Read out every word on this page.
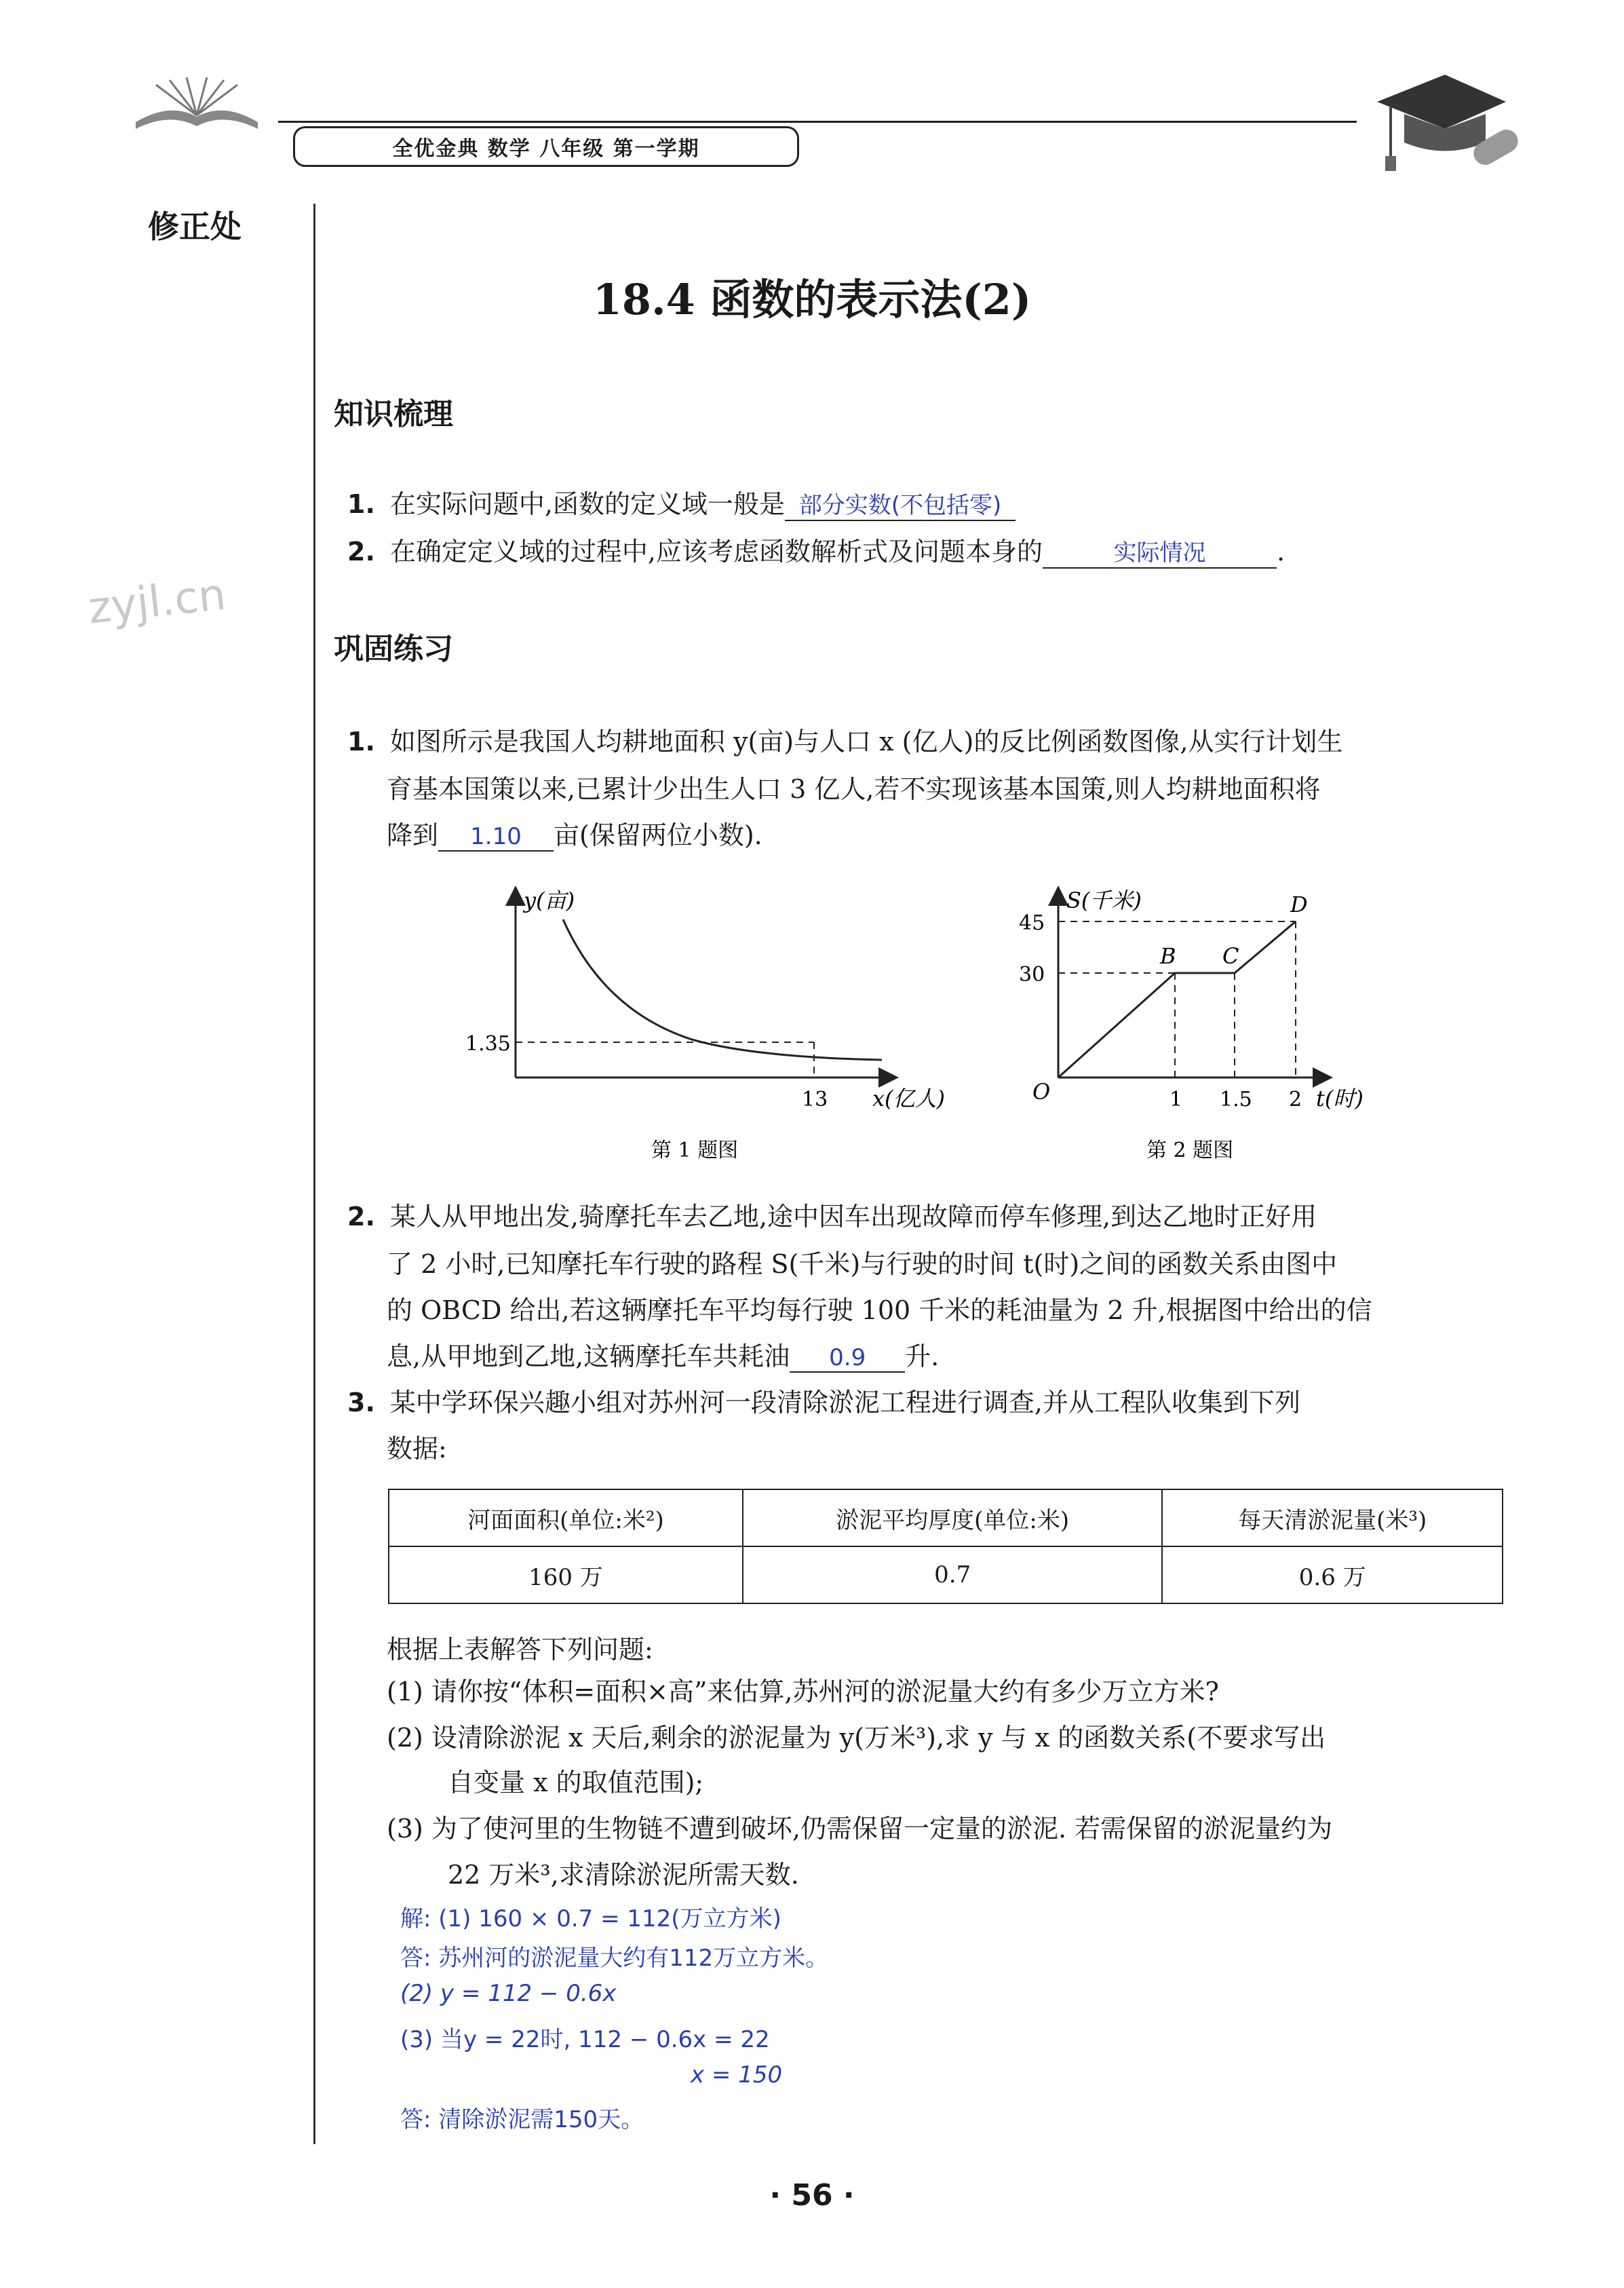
全优金典 数学 八年级 第一学期
修正处
zyjl.cn
18.4 函数的表示法(2)
知识梳理
1. 在实际问题中,函数的定义域一般是 部分实数(不包括零)
2. 在确定定义域的过程中,应该考虑函数解析式及问题本身的	实际情况	.
巩固练习
1. 如图所示是我国人均耕地面积 y(亩)与人口 x (亿人)的反比例函数图像,从实行计划生
育基本国策以来,已累计少出生人口 3 亿人,若不实现该基本国策,则人均耕地面积将
降到 1.10 亩(保留两位小数).
y(亩)
x(亿人)
1.35
13
第 1 题图
S(千米)
t(时)
O
45
30
1 1.5 2
B C
D
第 2 题图
2. 某人从甲地出发,骑摩托车去乙地,途中因车出现故障而停车修理,到达乙地时正好用
了 2 小时,已知摩托车行驶的路程 S(千米)与行驶的时间 t(时)之间的函数关系由图中
的 OBCD 给出,若这辆摩托车平均每行驶 100 千米的耗油量为 2 升,根据图中给出的信
息,从甲地到乙地,这辆摩托车共耗油 0.9 升.
3. 某中学环保兴趣小组对苏州河一段清除淤泥工程进行调查,并从工程队收集到下列
数据:
河面面积(单位:米²)	淤泥平均厚度(单位:米)	每天清淤泥量(米³)
160 万	0.7	0.6 万
根据上表解答下列问题:
(1) 请你按“体积=面积×高”来估算,苏州河的淤泥量大约有多少万立方米?
(2) 设清除淤泥 x 天后,剩余的淤泥量为 y(万米³),求 y 与 x 的函数关系(不要求写出
自变量 x 的取值范围);
(3) 为了使河里的生物链不遭到破坏,仍需保留一定量的淤泥. 若需保留的淤泥量约为
22 万米³,求清除淤泥所需天数.
解: (1) 160 × 0.7 = 112(万立方米)
答: 苏州河的淤泥量大约有112万立方米。
(2) y = 112 − 0.6x
(3) 当y = 22时, 112 − 0.6x = 22
x = 150
答: 清除淤泥需150天。
· 56 ·
